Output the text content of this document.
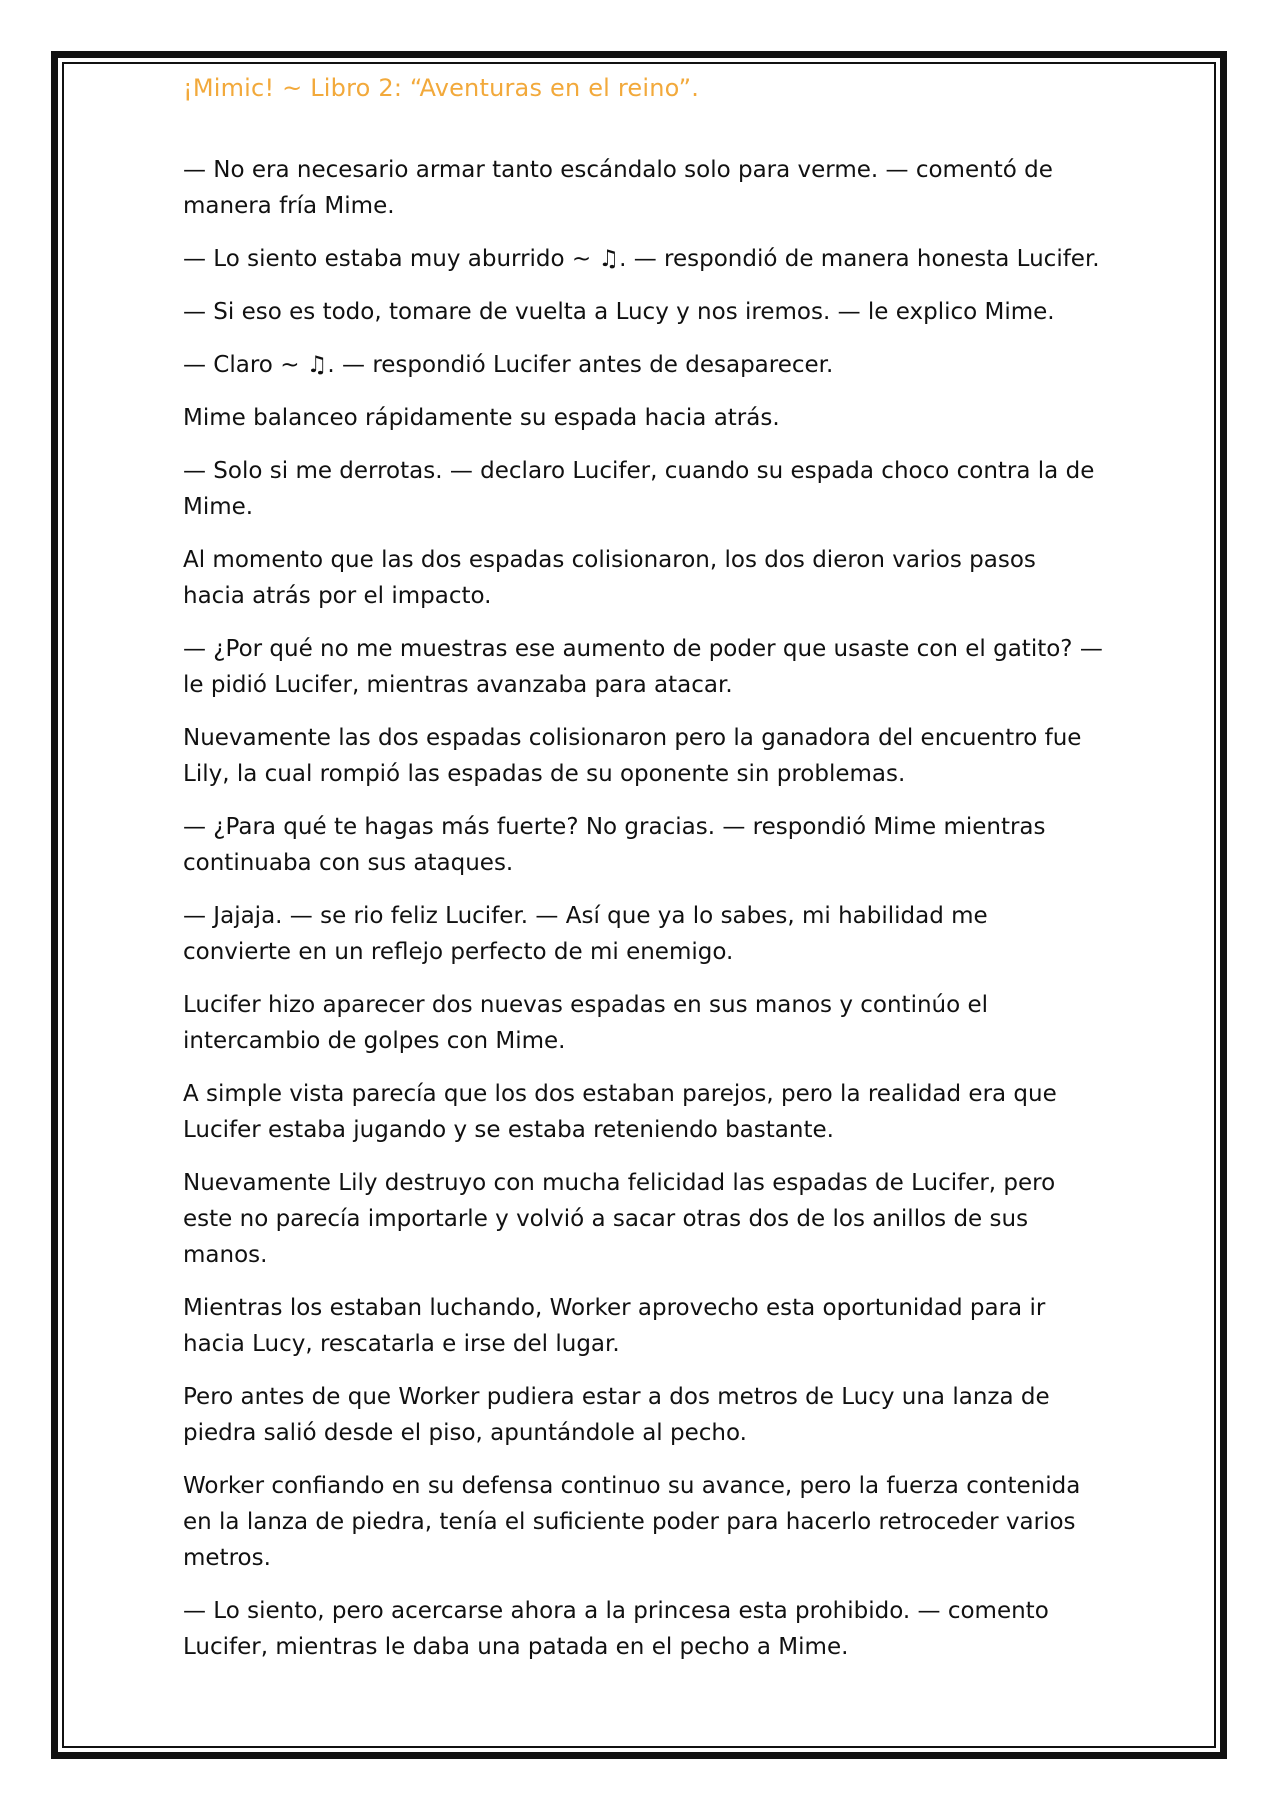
¡Mimic! ~ Libro 2: “Aventuras en el reino”.

— No era necesario armar tanto escándalo solo para verme. — comentó de manera fría Mime.

— Lo siento estaba muy aburrido ~ ♫. — respondió de manera honesta Lucifer.

— Si eso es todo, tomare de vuelta a Lucy y nos iremos. — le explico Mime.

— Claro ~ ♫. — respondió Lucifer antes de desaparecer.

Mime balanceo rápidamente su espada hacia atrás.

— Solo si me derrotas. — declaro Lucifer, cuando su espada choco contra la de Mime.

Al momento que las dos espadas colisionaron, los dos dieron varios pasos hacia atrás por el impacto.

— ¿Por qué no me muestras ese aumento de poder que usaste con el gatito? — le pidió Lucifer, mientras avanzaba para atacar.

Nuevamente las dos espadas colisionaron pero la ganadora del encuentro fue Lily, la cual rompió las espadas de su oponente sin problemas.

— ¿Para qué te hagas más fuerte? No gracias. — respondió Mime mientras continuaba con sus ataques.

— Jajaja. — se rio feliz Lucifer. — Así que ya lo sabes, mi habilidad me convierte en un reflejo perfecto de mi enemigo.

Lucifer hizo aparecer dos nuevas espadas en sus manos y continúo el intercambio de golpes con Mime.

A simple vista parecía que los dos estaban parejos, pero la realidad era que Lucifer estaba jugando y se estaba reteniendo bastante.

Nuevamente Lily destruyo con mucha felicidad las espadas de Lucifer, pero este no parecía importarle y volvió a sacar otras dos de los anillos de sus manos.

Mientras los estaban luchando, Worker aprovecho esta oportunidad para ir hacia Lucy, rescatarla e irse del lugar.

Pero antes de que Worker pudiera estar a dos metros de Lucy una lanza de piedra salió desde el piso, apuntándole al pecho.

Worker confiando en su defensa continuo su avance, pero la fuerza contenida en la lanza de piedra, tenía el suficiente poder para hacerlo retroceder varios metros.

— Lo siento, pero acercarse ahora a la princesa esta prohibido. — comento Lucifer, mientras le daba una patada en el pecho a Mime.
